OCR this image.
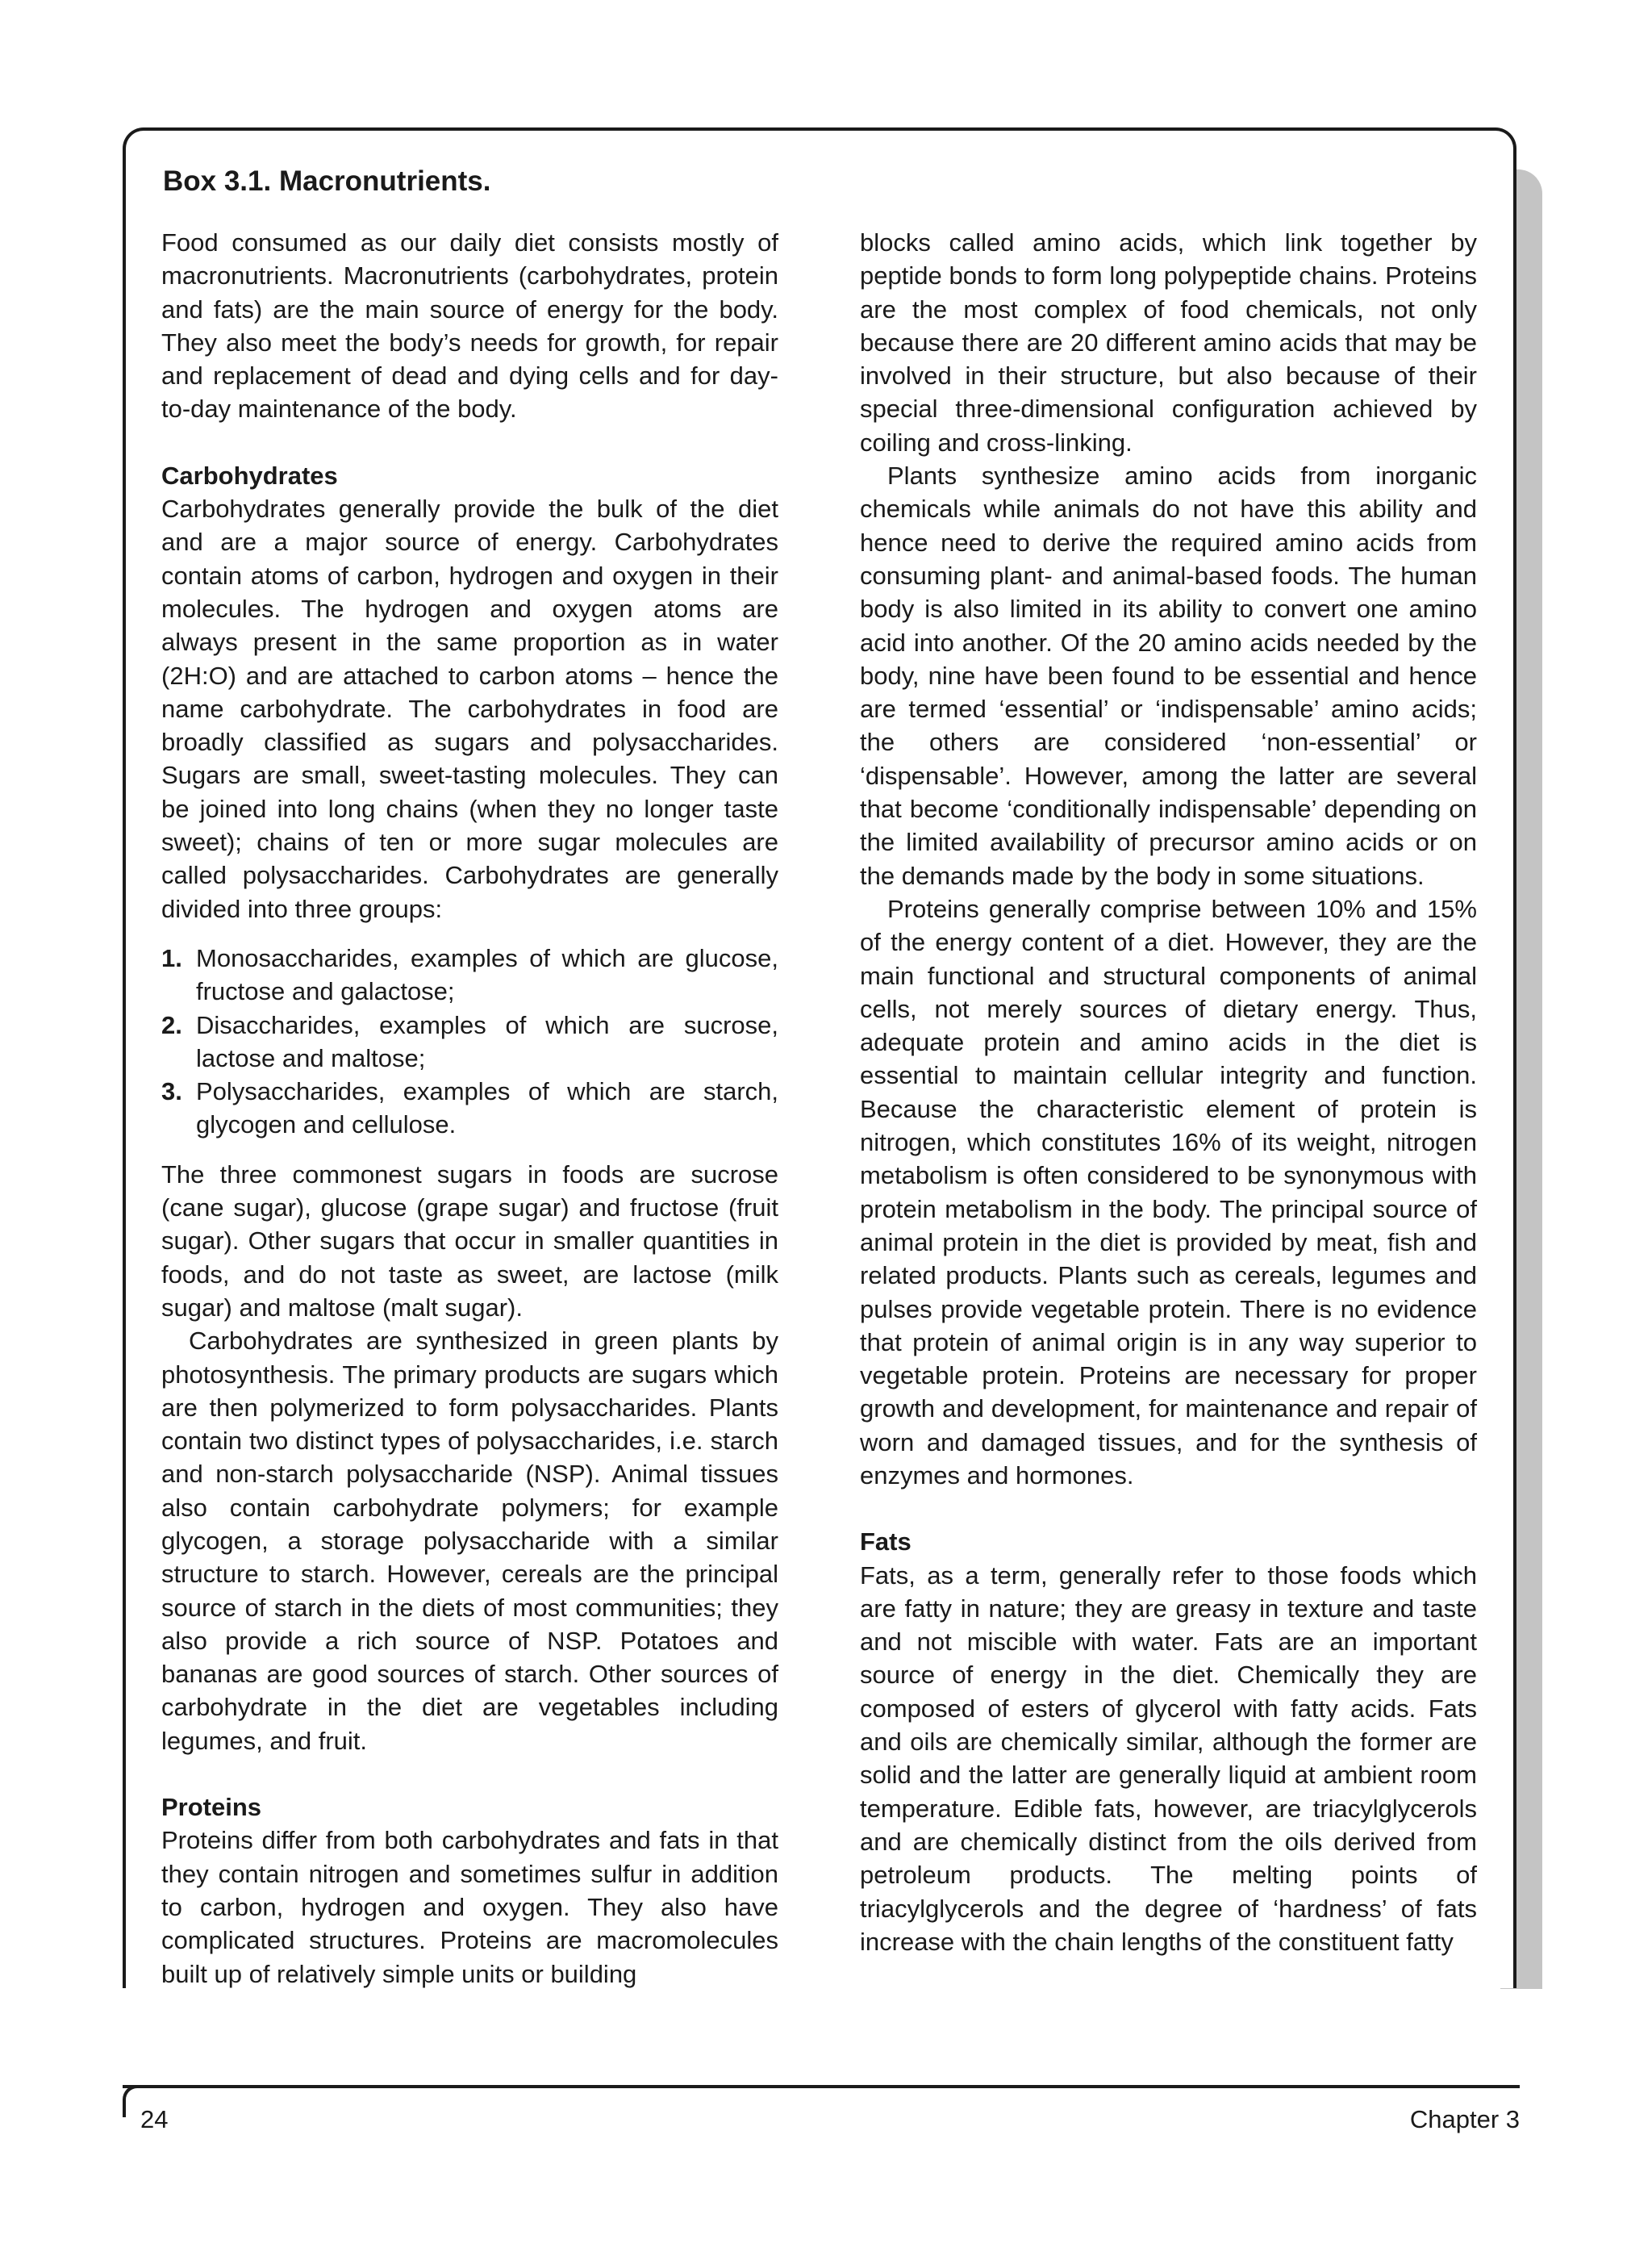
Box 3.1. Macronutrients.

Food consumed as our daily diet consists mostly of macronutrients. Macronutrients (carbohydrates, protein and fats) are the main source of energy for the body. They also meet the body’s needs for growth, for repair and replacement of dead and dying cells and for day-to-day maintenance of the body.

Carbohydrates

Carbohydrates generally provide the bulk of the diet and are a major source of energy. Carbohydrates contain atoms of carbon, hydrogen and oxygen in their molecules. The hydrogen and oxygen atoms are always present in the same proportion as in water (2H:O) and are attached to carbon atoms – hence the name carbohydrate. The carbohydrates in food are broadly classified as sugars and polysaccharides. Sugars are small, sweet-tasting molecules. They can be joined into long chains (when they no longer taste sweet); chains of ten or more sugar molecules are called polysaccharides. Carbohydrates are generally divided into three groups:

1. Monosaccharides, examples of which are glucose, fructose and galactose;
2. Disaccharides, examples of which are sucrose, lactose and maltose;
3. Polysaccharides, examples of which are starch, glycogen and cellulose.

The three commonest sugars in foods are sucrose (cane sugar), glucose (grape sugar) and fructose (fruit sugar). Other sugars that occur in smaller quantities in foods, and do not taste as sweet, are lactose (milk sugar) and maltose (malt sugar).

Carbohydrates are synthesized in green plants by photosynthesis. The primary products are sugars which are then polymerized to form polysaccharides. Plants contain two distinct types of polysaccharides, i.e. starch and non-starch polysaccharide (NSP). Animal tissues also contain carbohydrate polymers; for example glycogen, a storage polysaccharide with a similar structure to starch. However, cereals are the principal source of starch in the diets of most communities; they also provide a rich source of NSP. Potatoes and bananas are good sources of starch. Other sources of carbohydrate in the diet are vegetables including legumes, and fruit.

Proteins

Proteins differ from both carbohydrates and fats in that they contain nitrogen and sometimes sulfur in addition to carbon, hydrogen and oxygen. They also have complicated structures. Proteins are macromolecules built up of relatively simple units or building

blocks called amino acids, which link together by peptide bonds to form long polypeptide chains. Proteins are the most complex of food chemicals, not only because there are 20 different amino acids that may be involved in their structure, but also because of their special three-dimensional configuration achieved by coiling and cross-linking.

Plants synthesize amino acids from inorganic chemicals while animals do not have this ability and hence need to derive the required amino acids from consuming plant- and animal-based foods. The human body is also limited in its ability to convert one amino acid into another. Of the 20 amino acids needed by the body, nine have been found to be essential and hence are termed ‘essential’ or ‘indispensable’ amino acids; the others are considered ‘non-essential’ or ‘dispensable’. However, among the latter are several that become ‘conditionally indispensable’ depending on the limited availability of precursor amino acids or on the demands made by the body in some situations.

Proteins generally comprise between 10% and 15% of the energy content of a diet. However, they are the main functional and structural components of animal cells, not merely sources of dietary energy. Thus, adequate protein and amino acids in the diet is essential to maintain cellular integrity and function. Because the characteristic element of protein is nitrogen, which constitutes 16% of its weight, nitrogen metabolism is often considered to be synonymous with protein metabolism in the body. The principal source of animal protein in the diet is provided by meat, fish and related products. Plants such as cereals, legumes and pulses provide vegetable protein. There is no evidence that protein of animal origin is in any way superior to vegetable protein. Proteins are necessary for proper growth and development, for maintenance and repair of worn and damaged tissues, and for the synthesis of enzymes and hormones.

Fats

Fats, as a term, generally refer to those foods which are fatty in nature; they are greasy in texture and taste and not miscible with water. Fats are an important source of energy in the diet. Chemically they are composed of esters of glycerol with fatty acids. Fats and oils are chemically similar, although the former are solid and the latter are generally liquid at ambient room temperature. Edible fats, however, are triacylglycerols and are chemically distinct from the oils derived from petroleum products. The melting points of triacylglycerols and the degree of ‘hardness’ of fats increase with the chain lengths of the constituent fatty

24	Chapter 3
